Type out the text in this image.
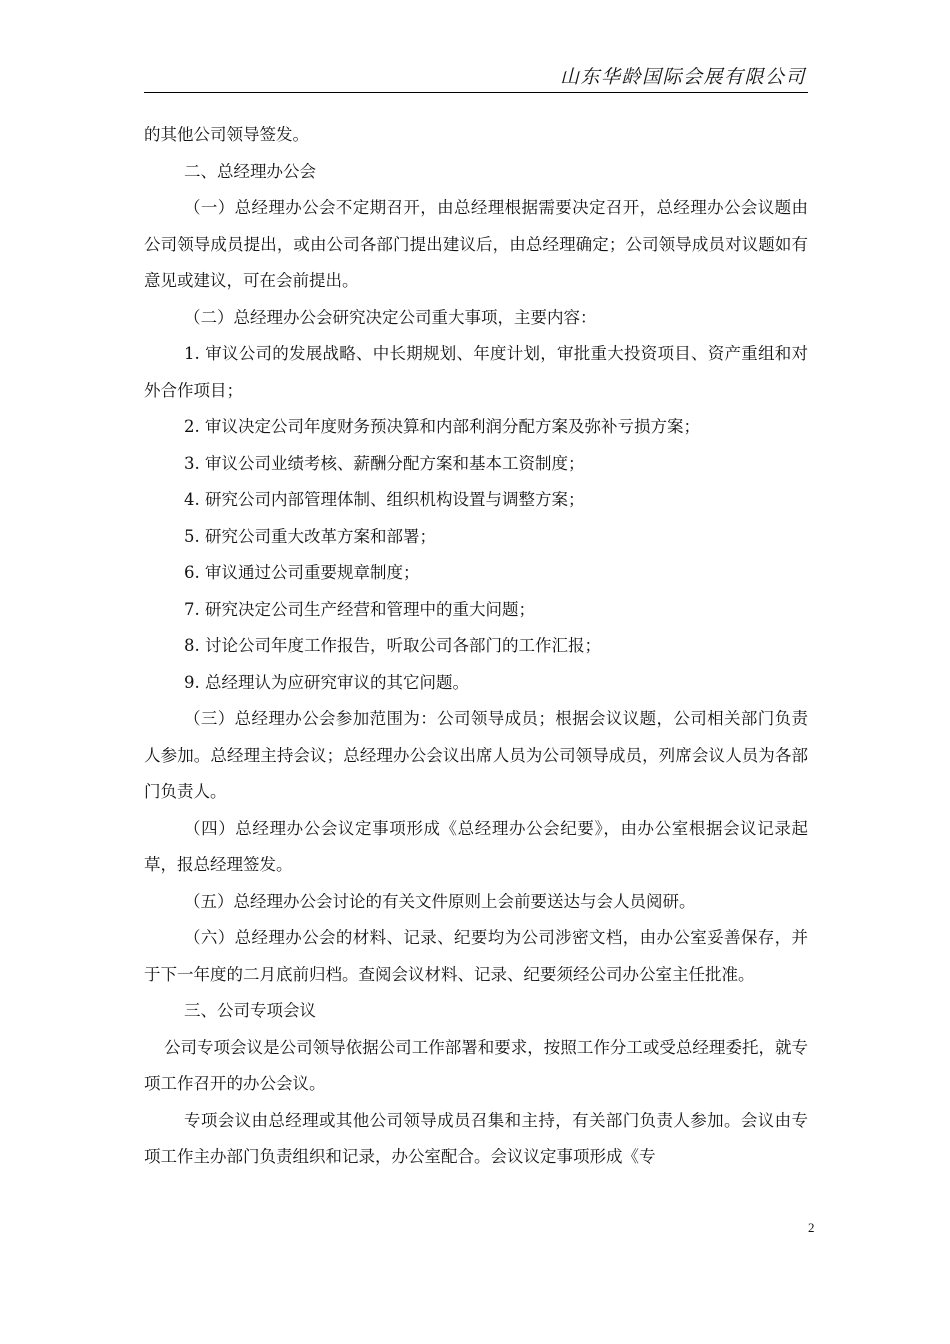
山东华龄国际会展有限公司

的其他公司领导签发。

二、总经理办公会

（一）总经理办公会不定期召开，由总经理根据需要决定召开，总经理办公会议题由公司领导成员提出，或由公司各部门提出建议后，由总经理确定；公司领导成员对议题如有意见或建议，可在会前提出。

（二）总经理办公会研究决定公司重大事项，主要内容：

1. 审议公司的发展战略、中长期规划、年度计划，审批重大投资项目、资产重组和对外合作项目；

2. 审议决定公司年度财务预决算和内部利润分配方案及弥补亏损方案；

3. 审议公司业绩考核、薪酬分配方案和基本工资制度；

4. 研究公司内部管理体制、组织机构设置与调整方案；

5. 研究公司重大改革方案和部署；

6. 审议通过公司重要规章制度；

7. 研究决定公司生产经营和管理中的重大问题；

8. 讨论公司年度工作报告，听取公司各部门的工作汇报；

9. 总经理认为应研究审议的其它问题。

（三）总经理办公会参加范围为：公司领导成员；根据会议议题，公司相关部门负责人参加。总经理主持会议；总经理办公会议出席人员为公司领导成员，列席会议人员为各部门负责人。

（四）总经理办公会议定事项形成《总经理办公会纪要》，由办公室根据会议记录起草，报总经理签发。

（五）总经理办公会讨论的有关文件原则上会前要送达与会人员阅研。

（六）总经理办公会的材料、记录、纪要均为公司涉密文档，由办公室妥善保存，并于下一年度的二月底前归档。查阅会议材料、记录、纪要须经公司办公室主任批准。

三、公司专项会议

公司专项会议是公司领导依据公司工作部署和要求，按照工作分工或受总经理委托，就专项工作召开的办公会议。

专项会议由总经理或其他公司领导成员召集和主持，有关部门负责人参加。会议由专项工作主办部门负责组织和记录，办公室配合。会议议定事项形成《专

2
